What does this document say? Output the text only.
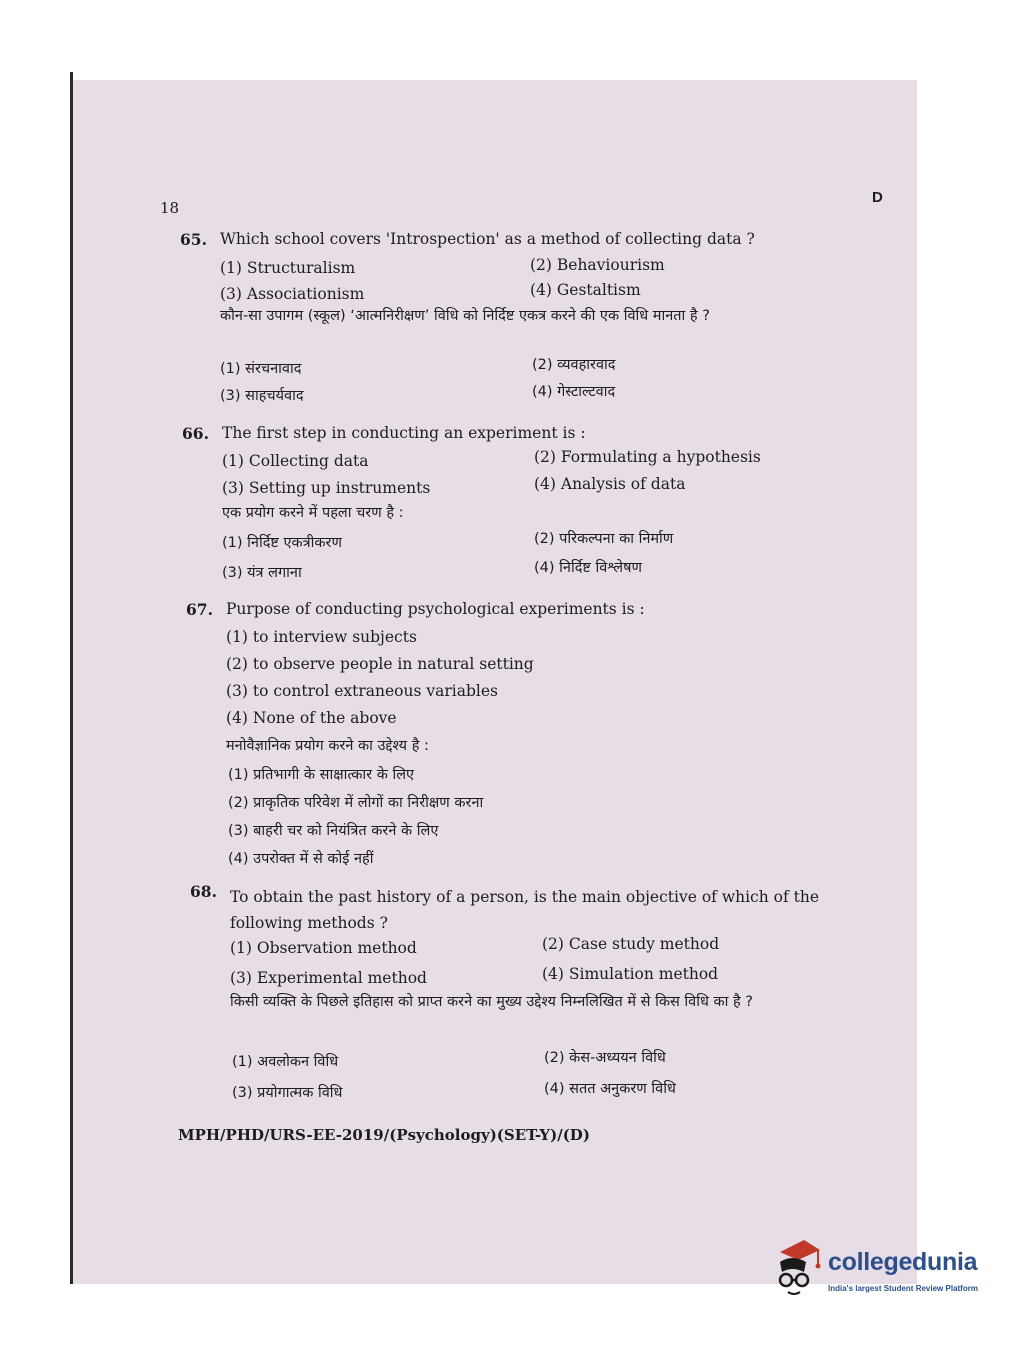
18
D
65. Which school covers 'Introspection' as a method of collecting data ?
(1) Structuralism	(2) Behaviourism
(3) Associationism	(4) Gestaltism
कौन-सा उपागम (स्कूल) ‘आत्मनिरीक्षण’ विधि को निर्दिष्ट एकत्र करने की एक विधि मानता है ?
(1) संरचनावाद	(2) व्यवहारवाद
(3) साहचर्यवाद	(4) गेस्टाल्टवाद
66. The first step in conducting an experiment is :
(1) Collecting data	(2) Formulating a hypothesis
(3) Setting up instruments	(4) Analysis of data
एक प्रयोग करने में पहला चरण है :
(1) निर्दिष्ट एकत्रीकरण	(2) परिकल्पना का निर्माण
(3) यंत्र लगाना	(4) निर्दिष्ट विश्लेषण
67. Purpose of conducting psychological experiments is :
(1) to interview subjects
(2) to observe people in natural setting
(3) to control extraneous variables
(4) None of the above
मनोवैज्ञानिक प्रयोग करने का उद्देश्य है :
(1) प्रतिभागी के साक्षात्कार के लिए
(2) प्राकृतिक परिवेश में लोगों का निरीक्षण करना
(3) बाहरी चर को नियंत्रित करने के लिए
(4) उपरोक्त में से कोई नहीं
68. To obtain the past history of a person, is the main objective of which of the following methods ?
(1) Observation method	(2) Case study method
(3) Experimental method	(4) Simulation method
किसी व्यक्ति के पिछले इतिहास को प्राप्त करने का मुख्य उद्देश्य निम्नलिखित में से किस विधि का है ?
(1) अवलोकन विधि	(2) केस-अध्ययन विधि
(3) प्रयोगात्मक विधि	(4) सतत अनुकरण विधि
MPH/PHD/URS-EE-2019/(Psychology)(SET-Y)/(D)
collegedunia
India's largest Student Review Platform
